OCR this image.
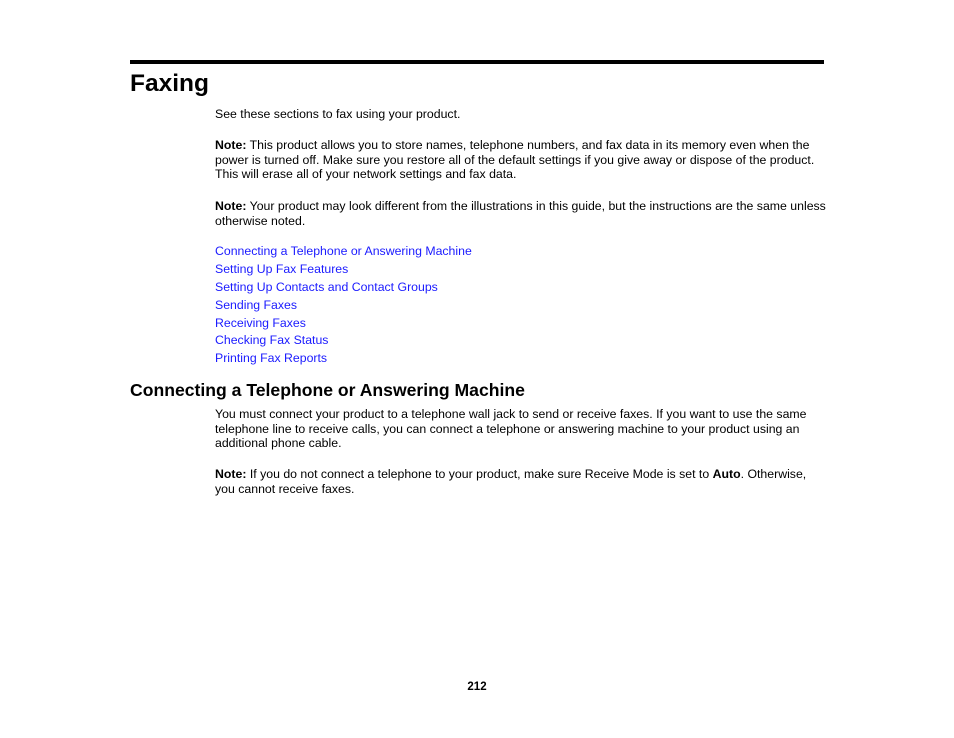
Faxing

See these sections to fax using your product.

Note: This product allows you to store names, telephone numbers, and fax data in its memory even when the power is turned off. Make sure you restore all of the default settings if you give away or dispose of the product. This will erase all of your network settings and fax data.

Note: Your product may look different from the illustrations in this guide, but the instructions are the same unless otherwise noted.

Connecting a Telephone or Answering Machine
Setting Up Fax Features
Setting Up Contacts and Contact Groups
Sending Faxes
Receiving Faxes
Checking Fax Status
Printing Fax Reports
Connecting a Telephone or Answering Machine

You must connect your product to a telephone wall jack to send or receive faxes. If you want to use the same telephone line to receive calls, you can connect a telephone or answering machine to your product using an additional phone cable.

Note: If you do not connect a telephone to your product, make sure Receive Mode is set to Auto. Otherwise, you cannot receive faxes.

212
